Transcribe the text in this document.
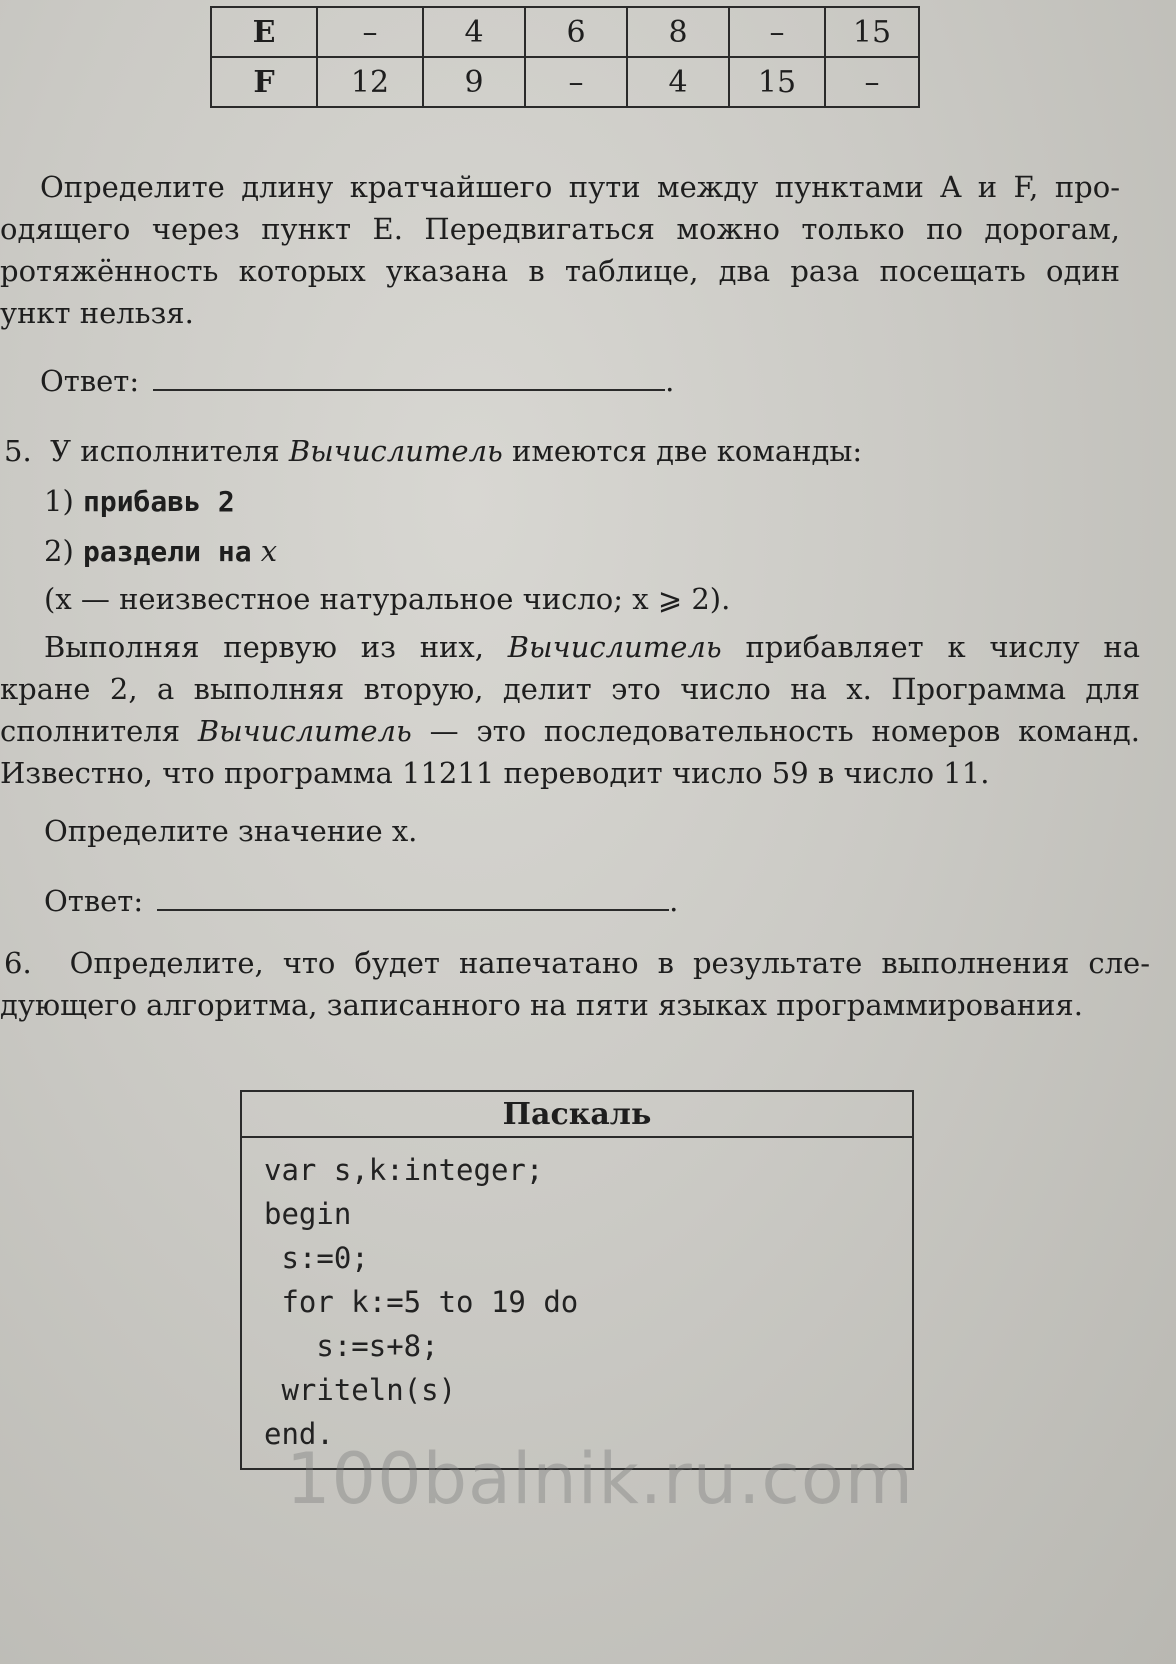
E	–	4	6	8	–	15
F	12	9	–	4	15	–

Определите длину кратчайшего пути между пунктами A и F, про-

одящего через пункт E. Передвигаться можно только по дорогам,

ротяжённость которых указана в таблице, два раза посещать один

ункт нельзя.

Ответ:	.

5. У исполнителя Вычислитель имеются две команды:

1) прибавь 2

2) раздели на x

(x — неизвестное натуральное число; x ⩾ 2).

Выполняя первую из них, Вычислитель прибавляет к числу на

кране 2, а выполняя вторую, делит это число на x. Программа для

сполнителя Вычислитель — это последовательность номеров команд.

Известно, что программа 11211 переводит число 59 в число 11.

Определите значение x.

Ответ:	.

6. Определите, что будет напечатано в результате выполнения сле-

дующего алгоритма, записанного на пяти языках программирования.

Паскаль
var s,k:integer;
begin
s:=0;
for k:=5 to 19 do
s:=s+8;
writeln(s)
end.
100balnik.ru.com
